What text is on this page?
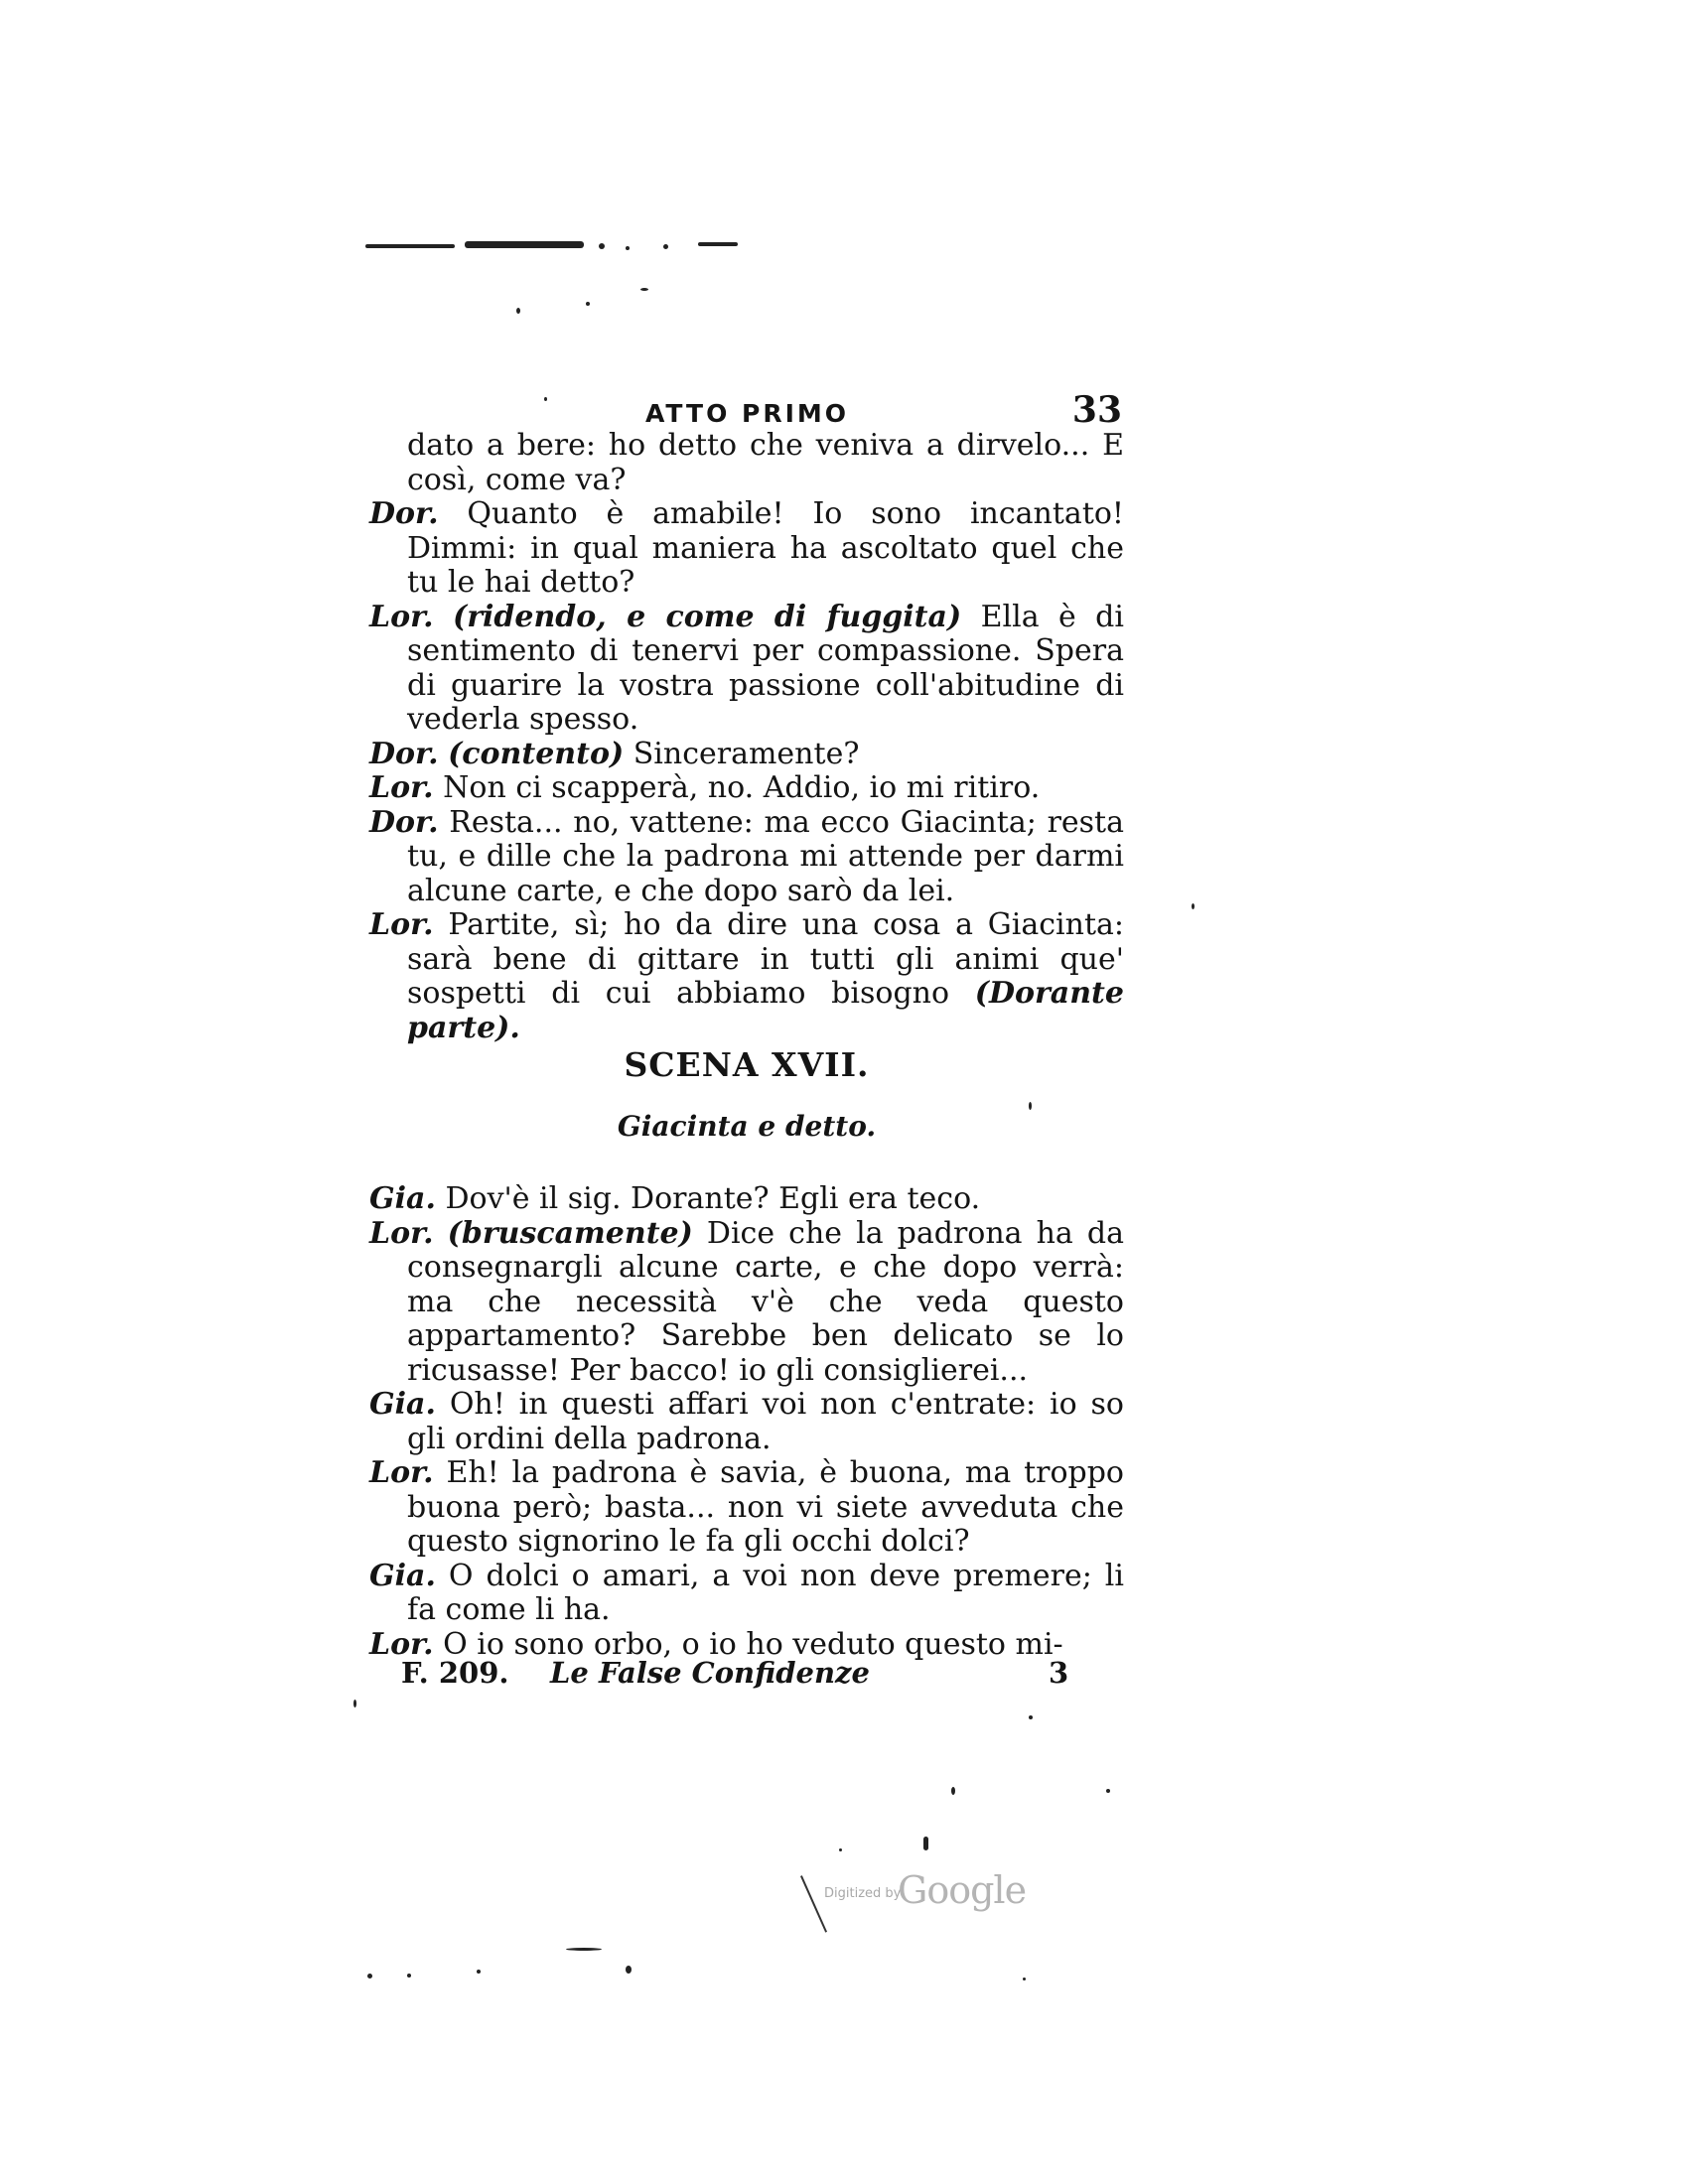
ATTO PRIMO	33

dato a bere: ho detto che veniva a dirvelo... E così, come va?

Dor. Quanto è amabile! Io sono incantato! Dimmi: in qual maniera ha ascoltato quel che tu le hai detto?

Lor. (ridendo, e come di fuggita) Ella è di sentimento di tenervi per compassione. Spera di guarire la vostra passione coll'abitudine di vederla spesso.

Dor. (contento) Sinceramente?

Lor. Non ci scapperà, no. Addio, io mi ritiro.

Dor. Resta... no, vattene: ma ecco Giacinta; resta tu, e dille che la padrona mi attende per darmi alcune carte, e che dopo sarò da lei.

Lor. Partite, sì; ho da dire una cosa a Giacinta: sarà bene di gittare in tutti gli animi que' sospetti di cui abbiamo bisogno (Dorante parte).

SCENA XVII.
Giacinta e detto.

Gia. Dov'è il sig. Dorante? Egli era teco.

Lor. (bruscamente) Dice che la padrona ha da consegnargli alcune carte, e che dopo verrà: ma che necessità v'è che veda questo appartamento? Sarebbe ben delicato se lo ricusasse! Per bacco! io gli consiglierei...

Gia. Oh! in questi affari voi non c'entrate: io so gli ordini della padrona.

Lor. Eh! la padrona è savia, è buona, ma troppo buona però; basta... non vi siete avveduta che questo signorino le fa gli occhi dolci?

Gia. O dolci o amari, a voi non deve premere; li fa come li ha.

Lor. O io sono orbo, o io ho veduto questo mi-

F. 209. Le False Confidenze	3
Digitized by
Google
